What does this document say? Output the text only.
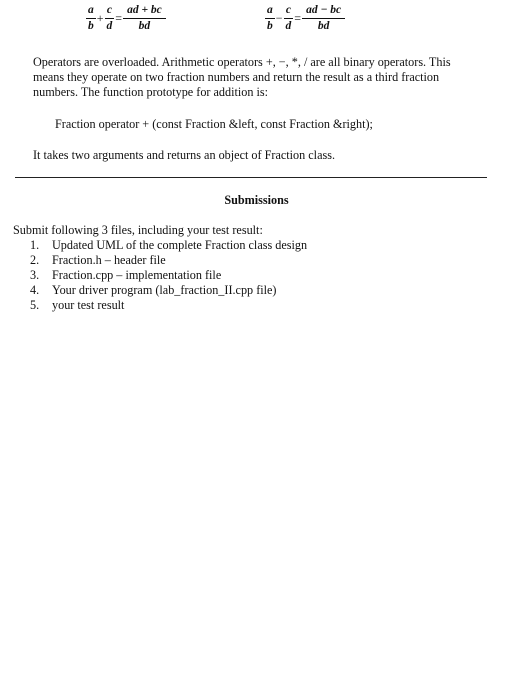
$\frac{a}{b} + \frac{c}{d} = \frac{ad + bc}{bd}$	$\frac{a}{b} - \frac{c}{d} = \frac{ad - bc}{bd}$

Operators are overloaded. Arithmetic operators +, −, *, / are all binary operators. This means they operate on two fraction numbers and return the result as a third fraction numbers. The function prototype for addition is:

Fraction operator + (const Fraction &left, const Fraction &right);
It takes two arguments and returns an object of Fraction class.
Submissions
Submit following 3 files, including your test result:
1.	Updated UML of the complete Fraction class design
2.	Fraction.h – header file
3.	Fraction.cpp – implementation file
4.	Your driver program (lab_fraction_II.cpp file)
5.	your test result
